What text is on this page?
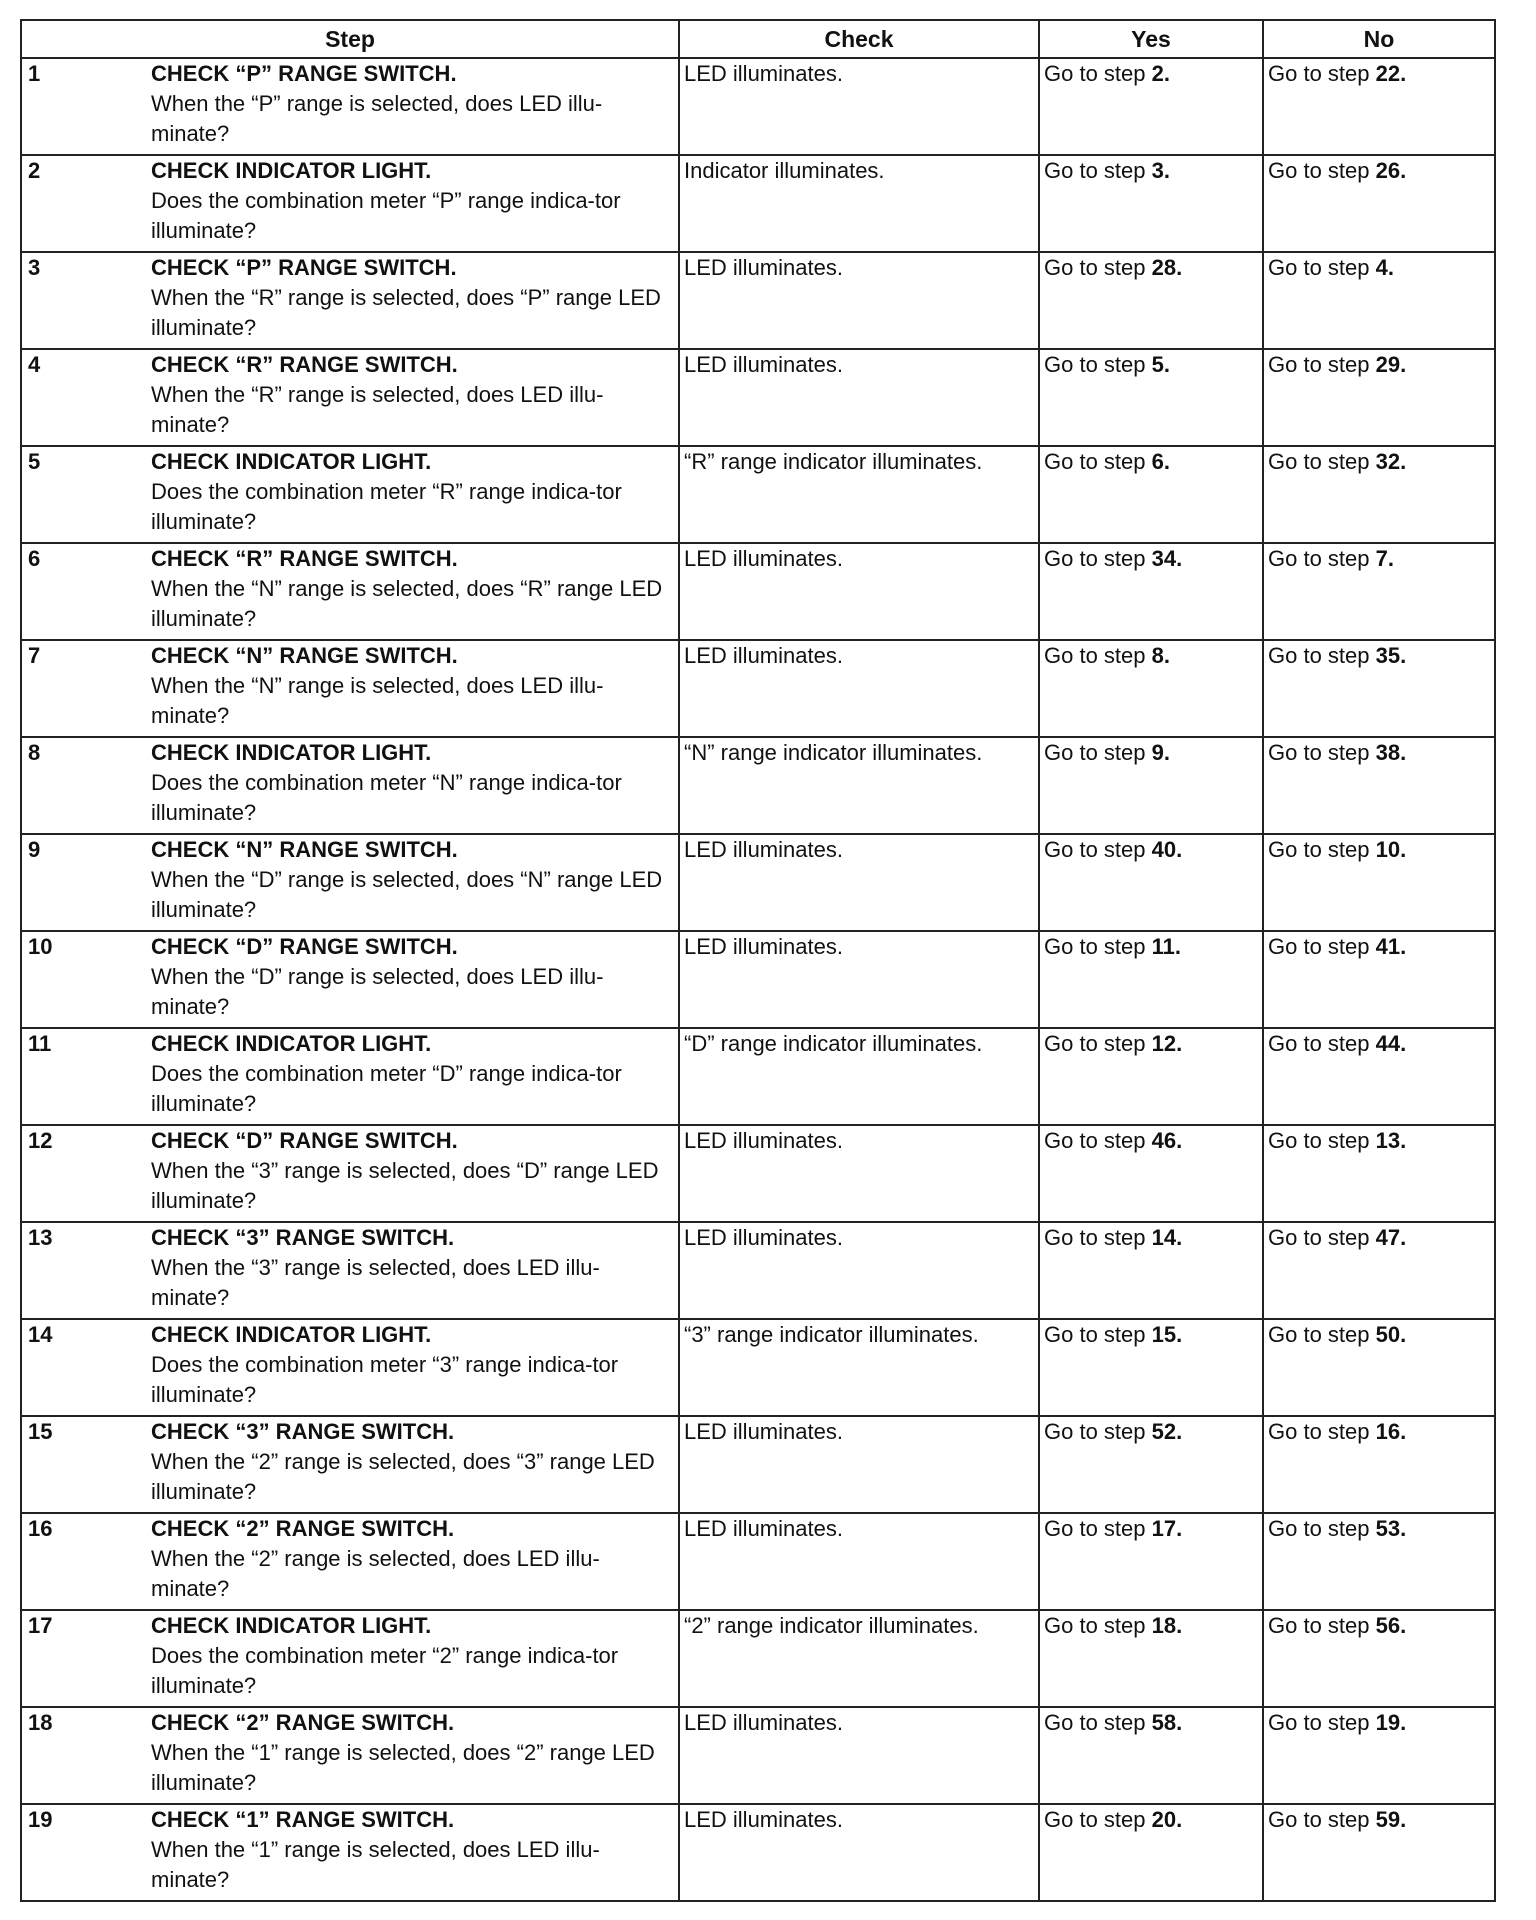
Step	Check	Yes	No

1 CHECK “P” RANGE SWITCH.
When the “P” range is selected, does LED illu-minate?	LED illuminates.	Go to step 2.	Go to step 22.

2 CHECK INDICATOR LIGHT.
Does the combination meter “P” range indica-tor illuminate?	Indicator illuminates.	Go to step 3.	Go to step 26.

3 CHECK “P” RANGE SWITCH.
When the “R” range is selected, does “P” range LED illuminate?	LED illuminates.	Go to step 28.	Go to step 4.

4 CHECK “R” RANGE SWITCH.
When the “R” range is selected, does LED illu-minate?	LED illuminates.	Go to step 5.	Go to step 29.

5 CHECK INDICATOR LIGHT.
Does the combination meter “R” range indica-tor illuminate?	“R” range indicator illuminates.	Go to step 6.	Go to step 32.

6 CHECK “R” RANGE SWITCH.
When the “N” range is selected, does “R” range LED illuminate?	LED illuminates.	Go to step 34.	Go to step 7.

7 CHECK “N” RANGE SWITCH.
When the “N” range is selected, does LED illu-minate?	LED illuminates.	Go to step 8.	Go to step 35.

8 CHECK INDICATOR LIGHT.
Does the combination meter “N” range indica-tor illuminate?	“N” range indicator illuminates.	Go to step 9.	Go to step 38.

9 CHECK “N” RANGE SWITCH.
When the “D” range is selected, does “N” range LED illuminate?	LED illuminates.	Go to step 40.	Go to step 10.

10 CHECK “D” RANGE SWITCH.
When the “D” range is selected, does LED illu-minate?	LED illuminates.	Go to step 11.	Go to step 41.

11 CHECK INDICATOR LIGHT.
Does the combination meter “D” range indica-tor illuminate?	“D” range indicator illuminates.	Go to step 12.	Go to step 44.

12 CHECK “D” RANGE SWITCH.
When the “3” range is selected, does “D” range LED illuminate?	LED illuminates.	Go to step 46.	Go to step 13.

13 CHECK “3” RANGE SWITCH.
When the “3” range is selected, does LED illu-minate?	LED illuminates.	Go to step 14.	Go to step 47.

14 CHECK INDICATOR LIGHT.
Does the combination meter “3” range indica-tor illuminate?	“3” range indicator illuminates.	Go to step 15.	Go to step 50.

15 CHECK “3” RANGE SWITCH.
When the “2” range is selected, does “3” range LED illuminate?	LED illuminates.	Go to step 52.	Go to step 16.

16 CHECK “2” RANGE SWITCH.
When the “2” range is selected, does LED illu-minate?	LED illuminates.	Go to step 17.	Go to step 53.

17 CHECK INDICATOR LIGHT.
Does the combination meter “2” range indica-tor illuminate?	“2” range indicator illuminates.	Go to step 18.	Go to step 56.

18 CHECK “2” RANGE SWITCH.
When the “1” range is selected, does “2” range LED illuminate?	LED illuminates.	Go to step 58.	Go to step 19.

19 CHECK “1” RANGE SWITCH.
When the “1” range is selected, does LED illu-minate?	LED illuminates.	Go to step 20.	Go to step 59.
